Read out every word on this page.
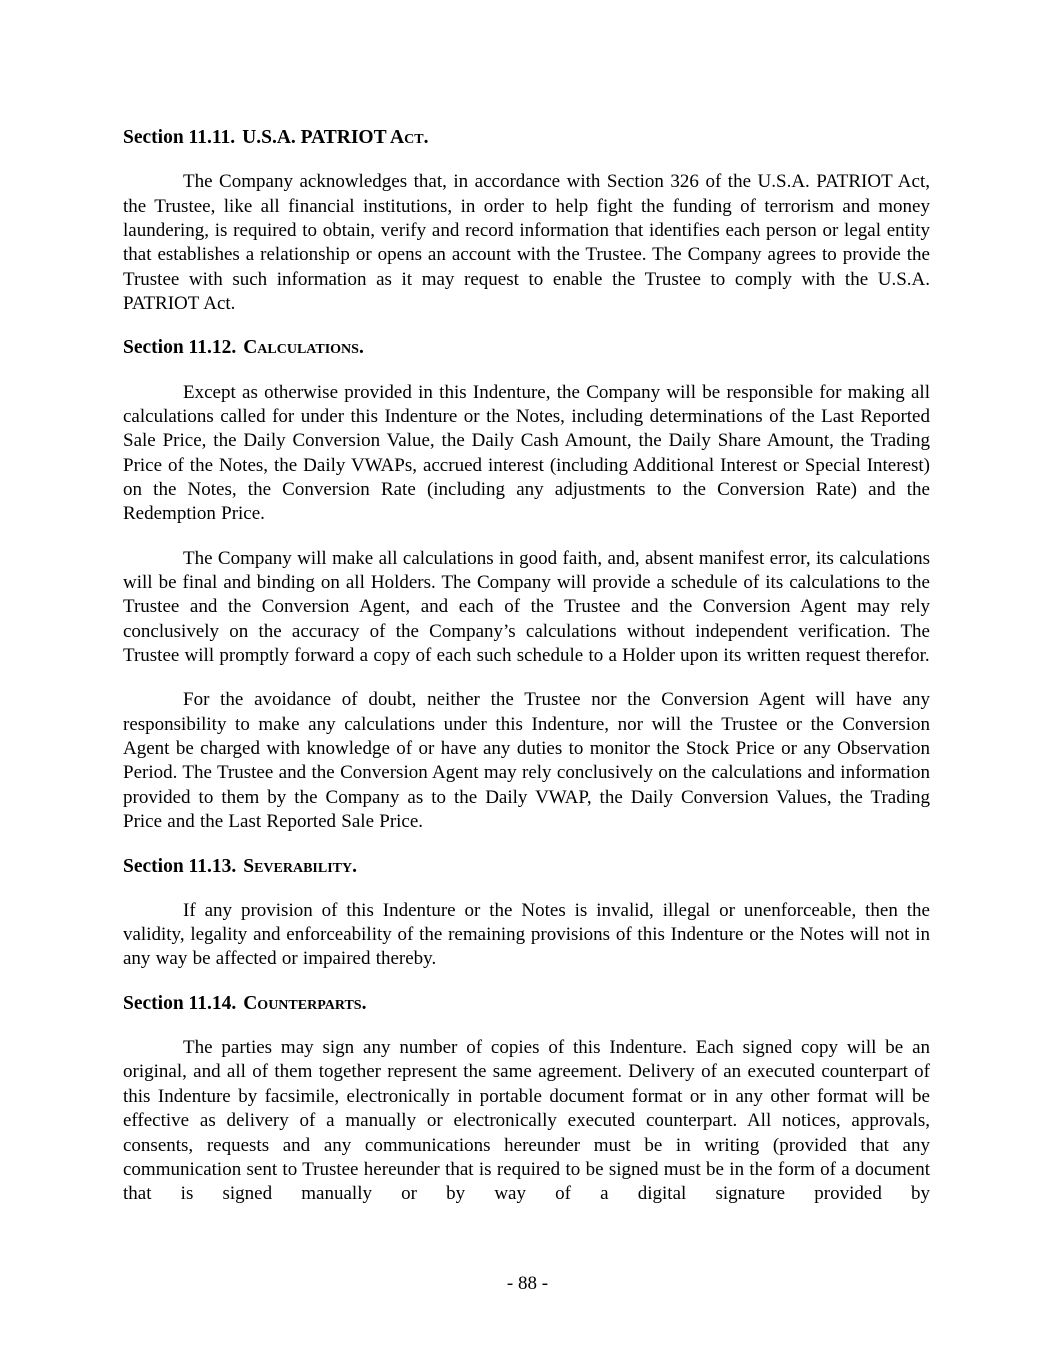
Section 11.11. U.S.A. PATRIOT Act.

The Company acknowledges that, in accordance with Section 326 of the U.S.A. PATRIOT Act, the Trustee, like all financial institutions, in order to help fight the funding of terrorism and money laundering, is required to obtain, verify and record information that identifies each person or legal entity that establishes a relationship or opens an account with the Trustee. The Company agrees to provide the Trustee with such information as it may request to enable the Trustee to comply with the U.S.A. PATRIOT Act.

Section 11.12. Calculations.

Except as otherwise provided in this Indenture, the Company will be responsible for making all calculations called for under this Indenture or the Notes, including determinations of the Last Reported Sale Price, the Daily Conversion Value, the Daily Cash Amount, the Daily Share Amount, the Trading Price of the Notes, the Daily VWAPs, accrued interest (including Additional Interest or Special Interest) on the Notes, the Conversion Rate (including any adjustments to the Conversion Rate) and the Redemption Price.

The Company will make all calculations in good faith, and, absent manifest error, its calculations will be final and binding on all Holders. The Company will provide a schedule of its calculations to the Trustee and the Conversion Agent, and each of the Trustee and the Conversion Agent may rely conclusively on the accuracy of the Company’s calculations without independent verification. The Trustee will promptly forward a copy of each such schedule to a Holder upon its written request therefor.

For the avoidance of doubt, neither the Trustee nor the Conversion Agent will have any responsibility to make any calculations under this Indenture, nor will the Trustee or the Conversion Agent be charged with knowledge of or have any duties to monitor the Stock Price or any Observation Period. The Trustee and the Conversion Agent may rely conclusively on the calculations and information provided to them by the Company as to the Daily VWAP, the Daily Conversion Values, the Trading Price and the Last Reported Sale Price.

Section 11.13. Severability.

If any provision of this Indenture or the Notes is invalid, illegal or unenforceable, then the validity, legality and enforceability of the remaining provisions of this Indenture or the Notes will not in any way be affected or impaired thereby.

Section 11.14. Counterparts.

The parties may sign any number of copies of this Indenture. Each signed copy will be an original, and all of them together represent the same agreement. Delivery of an executed counterpart of this Indenture by facsimile, electronically in portable document format or in any other format will be effective as delivery of a manually or electronically executed counterpart. All notices, approvals, consents, requests and any communications hereunder must be in writing (provided that any communication sent to Trustee hereunder that is required to be signed must be in the form of a document that is signed manually or by way of a digital signature provided by

- 88 -
